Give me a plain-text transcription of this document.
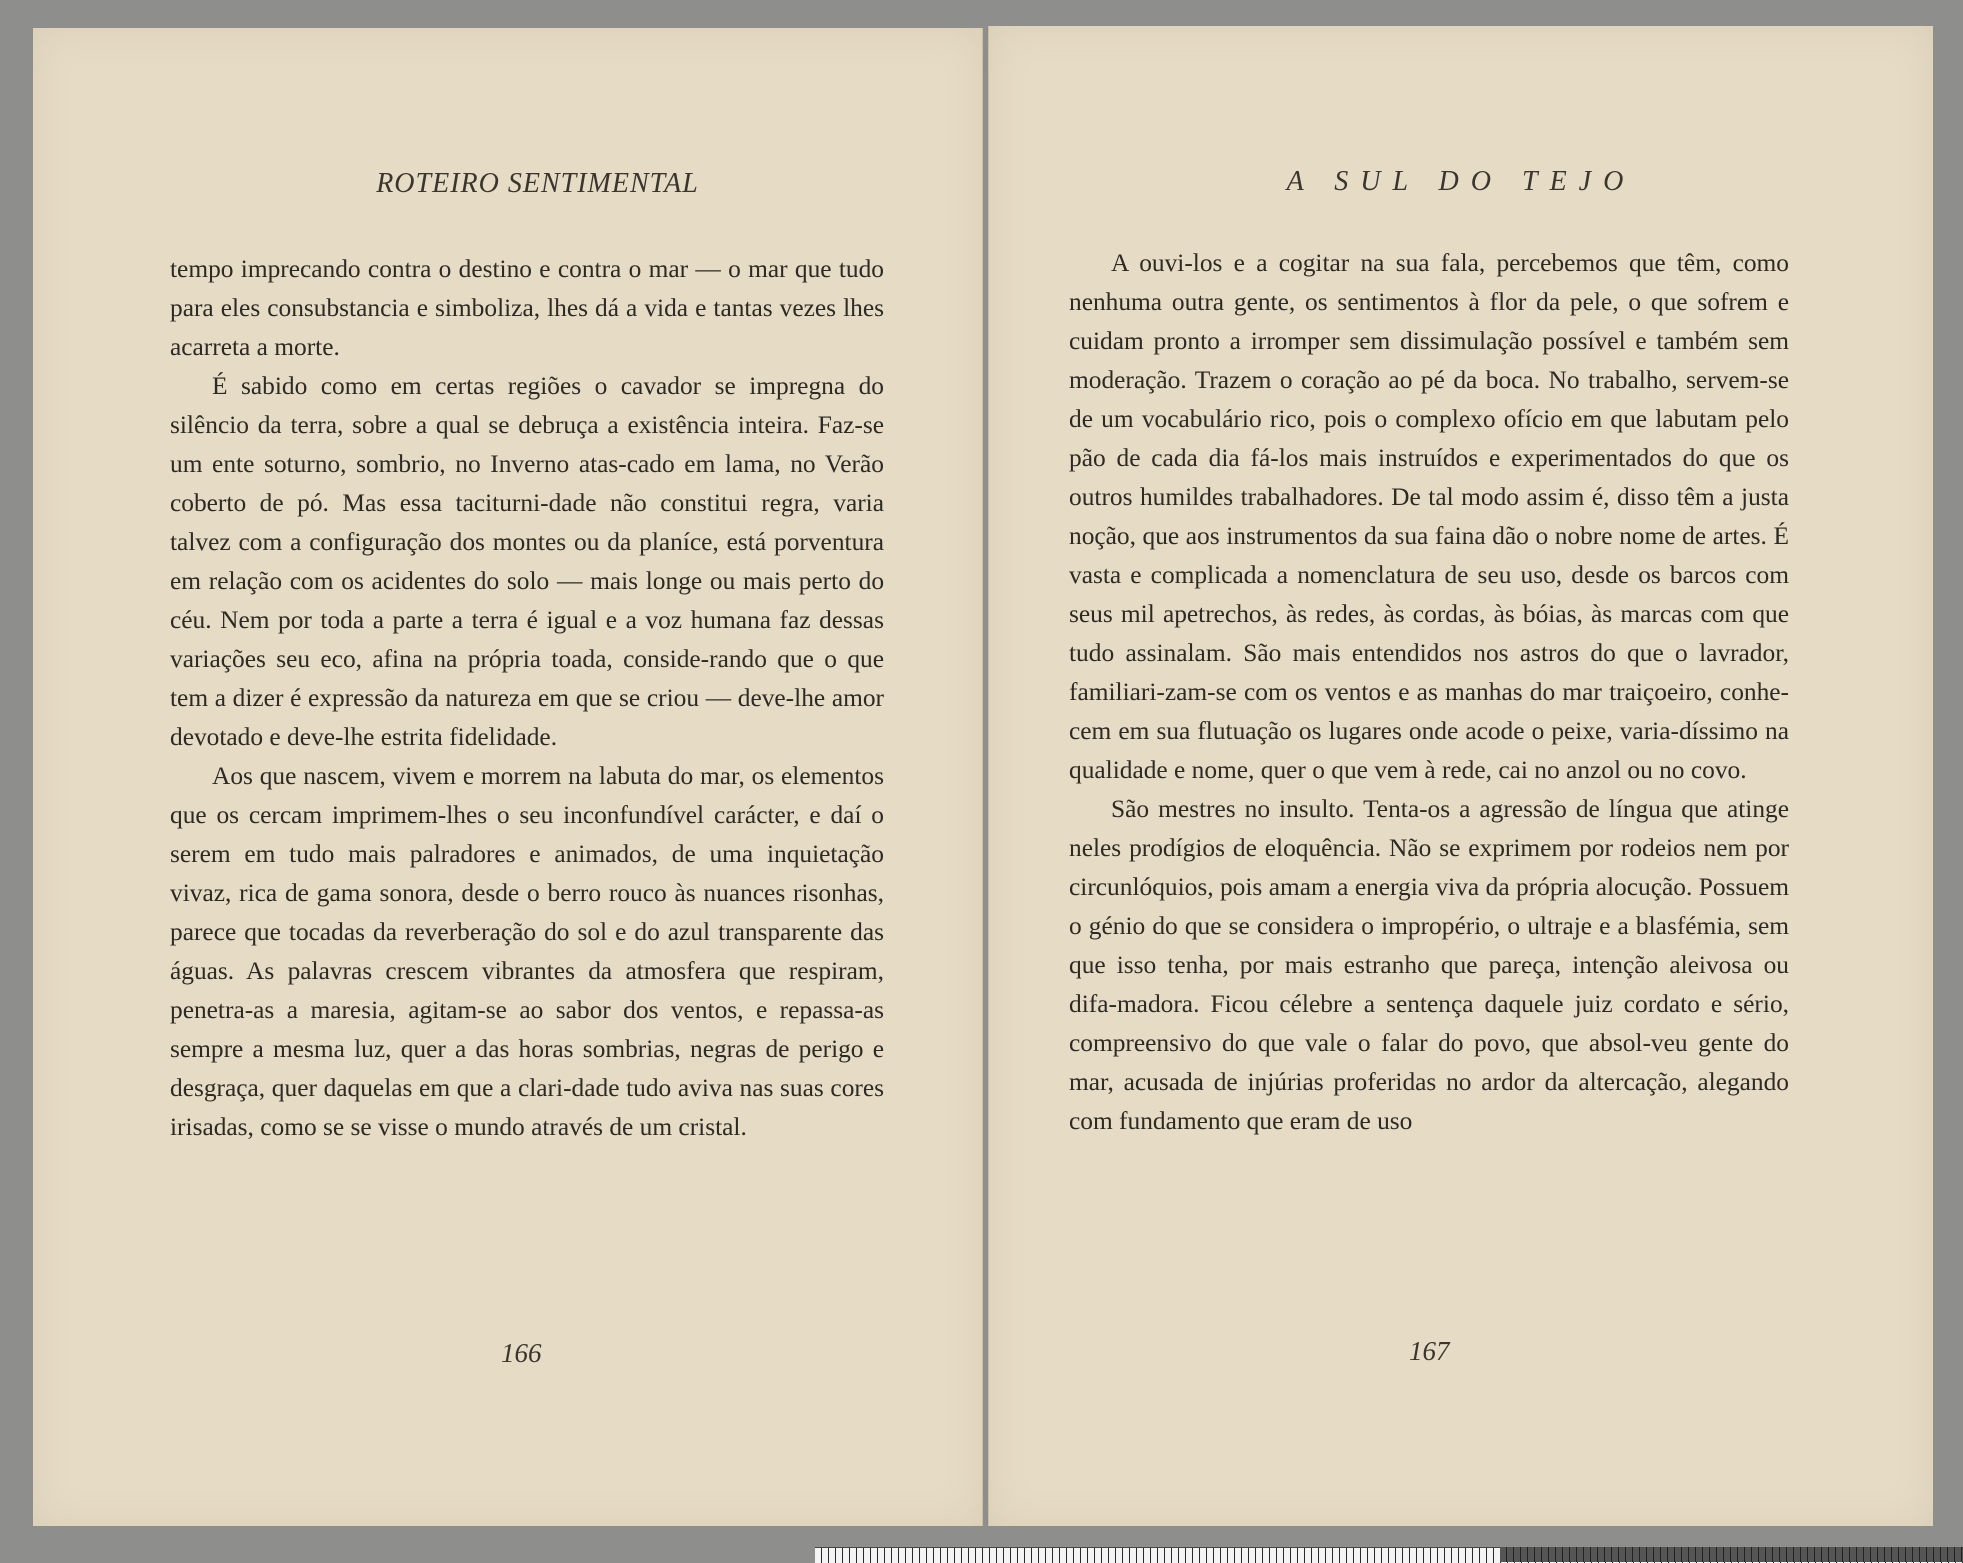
ROTEIRO SENTIMENTAL

tempo imprecando contra o destino e contra o mar — o mar que tudo para eles consubstancia e simboliza, lhes dá a vida e tantas vezes lhes acarreta a morte.

É sabido como em certas regiões o cavador se impregna do silêncio da terra, sobre a qual se debruça a existência inteira. Faz-se um ente soturno, sombrio, no Inverno atas-cado em lama, no Verão coberto de pó. Mas essa taciturni-dade não constitui regra, varia talvez com a configuração dos montes ou da planíce, está porventura em relação com os acidentes do solo — mais longe ou mais perto do céu. Nem por toda a parte a terra é igual e a voz humana faz dessas variações seu eco, afina na própria toada, conside-rando que o que tem a dizer é expressão da natureza em que se criou — deve-lhe amor devotado e deve-lhe estrita fidelidade.

Aos que nascem, vivem e morrem na labuta do mar, os elementos que os cercam imprimem-lhes o seu inconfundível carácter, e daí o serem em tudo mais palradores e animados, de uma inquietação vivaz, rica de gama sonora, desde o berro rouco às nuances risonhas, parece que tocadas da reverberação do sol e do azul transparente das águas. As palavras crescem vibrantes da atmosfera que respiram, penetra-as a maresia, agitam-se ao sabor dos ventos, e repassa-as sempre a mesma luz, quer a das horas sombrias, negras de perigo e desgraça, quer daquelas em que a clari-dade tudo aviva nas suas cores irisadas, como se se visse o mundo através de um cristal.

166
A SUL DO TEJO

A ouvi-los e a cogitar na sua fala, percebemos que têm, como nenhuma outra gente, os sentimentos à flor da pele, o que sofrem e cuidam pronto a irromper sem dissimulação possível e também sem moderação. Trazem o coração ao pé da boca. No trabalho, servem-se de um vocabulário rico, pois o complexo ofício em que labutam pelo pão de cada dia fá-los mais instruídos e experimentados do que os outros humildes trabalhadores. De tal modo assim é, disso têm a justa noção, que aos instrumentos da sua faina dão o nobre nome de artes. É vasta e complicada a nomenclatura de seu uso, desde os barcos com seus mil apetrechos, às redes, às cordas, às bóias, às marcas com que tudo assinalam. São mais entendidos nos astros do que o lavrador, familiari-zam-se com os ventos e as manhas do mar traiçoeiro, conhe-cem em sua flutuação os lugares onde acode o peixe, varia-díssimo na qualidade e nome, quer o que vem à rede, cai no anzol ou no covo.

São mestres no insulto. Tenta-os a agressão de língua que atinge neles prodígios de eloquência. Não se exprimem por rodeios nem por circunlóquios, pois amam a energia viva da própria alocução. Possuem o génio do que se considera o impropério, o ultraje e a blasfémia, sem que isso tenha, por mais estranho que pareça, intenção aleivosa ou difa-madora. Ficou célebre a sentença daquele juiz cordato e sério, compreensivo do que vale o falar do povo, que absol-veu gente do mar, acusada de injúrias proferidas no ardor da altercação, alegando com fundamento que eram de uso

167
